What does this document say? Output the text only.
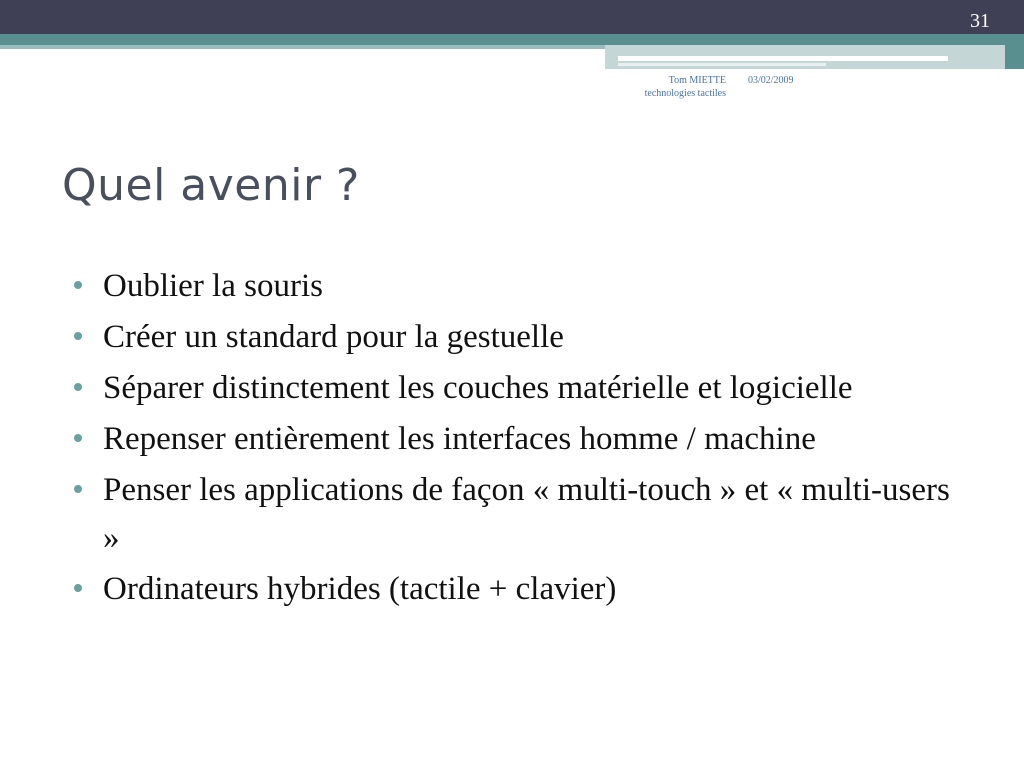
31
Tom MIETTE 03/02/2009
technologies tactiles
Quel avenir ?
Oublier la souris
Créer un standard pour la gestuelle
Séparer distinctement les couches matérielle et logicielle
Repenser entièrement les interfaces homme / machine
Penser les applications de façon « multi-touch » et « multi-users »
Ordinateurs hybrides (tactile + clavier)
